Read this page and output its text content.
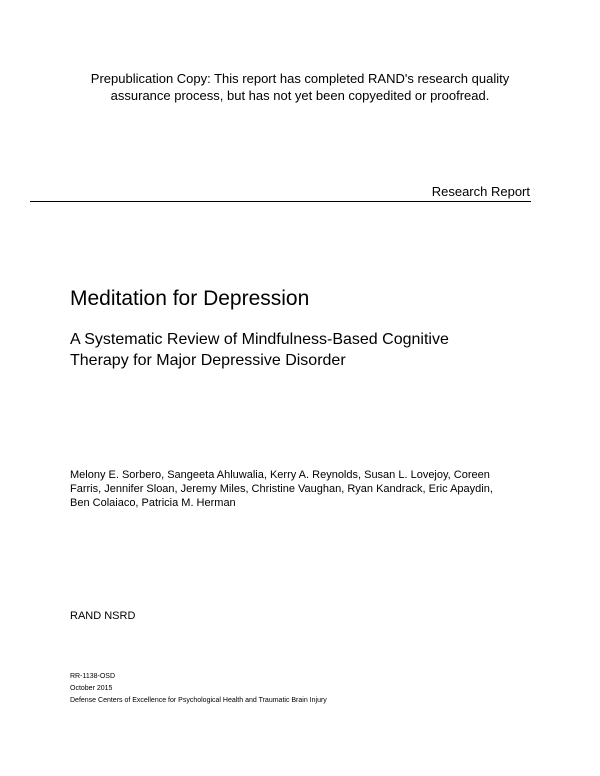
Prepublication Copy: This report has completed RAND's research quality
assurance process, but has not yet been copyedited or proofread.
Research Report
Meditation for Depression
A Systematic Review of Mindfulness-Based Cognitive
Therapy for Major Depressive Disorder
Melony E. Sorbero, Sangeeta Ahluwalia, Kerry A. Reynolds, Susan L. Lovejoy, Coreen
Farris, Jennifer Sloan, Jeremy Miles, Christine Vaughan, Ryan Kandrack, Eric Apaydin,
Ben Colaiaco, Patricia M. Herman
RAND NSRD
RR-1138-OSD
October 2015
Defense Centers of Excellence for Psychological Health and Traumatic Brain Injury
